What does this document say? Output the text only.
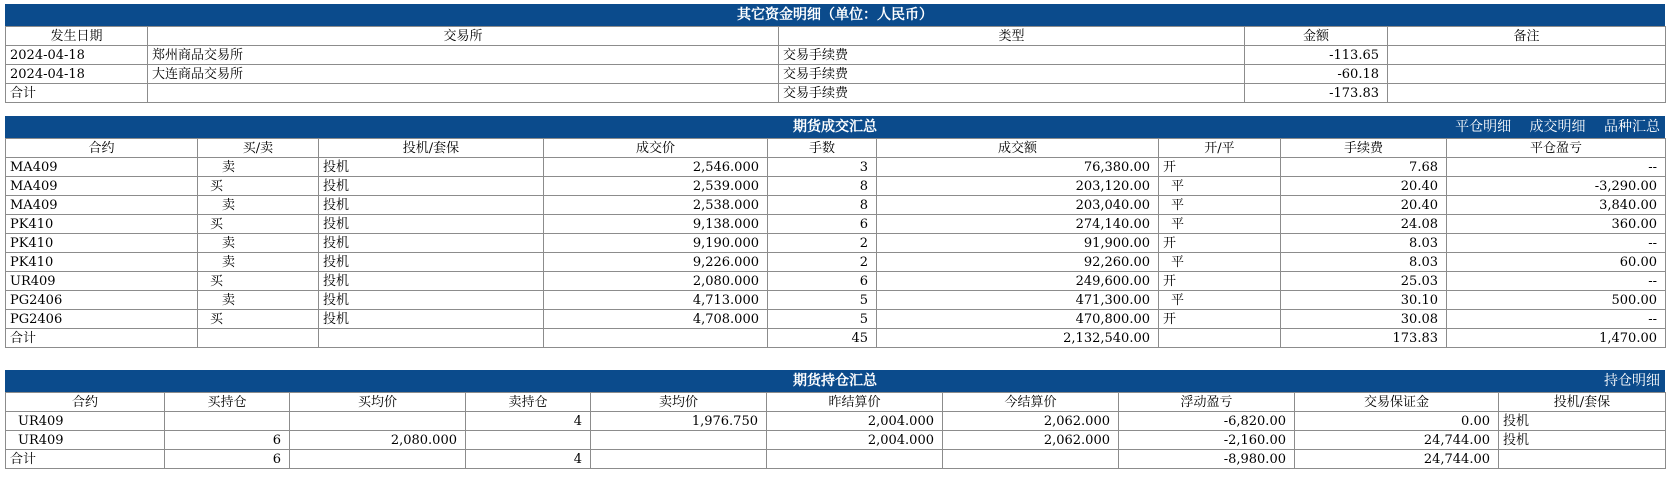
其它资金明细（单位：人民币）
发生日期	交易所	类型	金额	备注
2024-04-18	郑州商品交易所	交易手续费	-113.65	
2024-04-18	大连商品交易所	交易手续费	-60.18	
合计		交易手续费	-173.83	
期货成交汇总	平仓明细 成交明细 品种汇总
合约	买/卖	投机/套保	成交价	手数	成交额	开/平	手续费	平仓盈亏
MA409	卖	投机	2,546.000	3	76,380.00	开	7.68	--
MA409	买	投机	2,539.000	8	203,120.00	平	20.40	-3,290.00
MA409	卖	投机	2,538.000	8	203,040.00	平	20.40	3,840.00
PK410	买	投机	9,138.000	6	274,140.00	平	24.08	360.00
PK410	卖	投机	9,190.000	2	91,900.00	开	8.03	--
PK410	卖	投机	9,226.000	2	92,260.00	平	8.03	60.00
UR409	买	投机	2,080.000	6	249,600.00	开	25.03	--
PG2406	卖	投机	4,713.000	5	471,300.00	平	30.10	500.00
PG2406	买	投机	4,708.000	5	470,800.00	开	30.08	--
合计				45	2,132,540.00		173.83	1,470.00
期货持仓汇总	持仓明细
合约	买持仓	买均价	卖持仓	卖均价	昨结算价	今结算价	浮动盈亏	交易保证金	投机/套保
UR409			4	1,976.750	2,004.000	2,062.000	-6,820.00	0.00	投机
UR409	6	2,080.000			2,004.000	2,062.000	-2,160.00	24,744.00	投机
合计	6		4				-8,980.00	24,744.00	
